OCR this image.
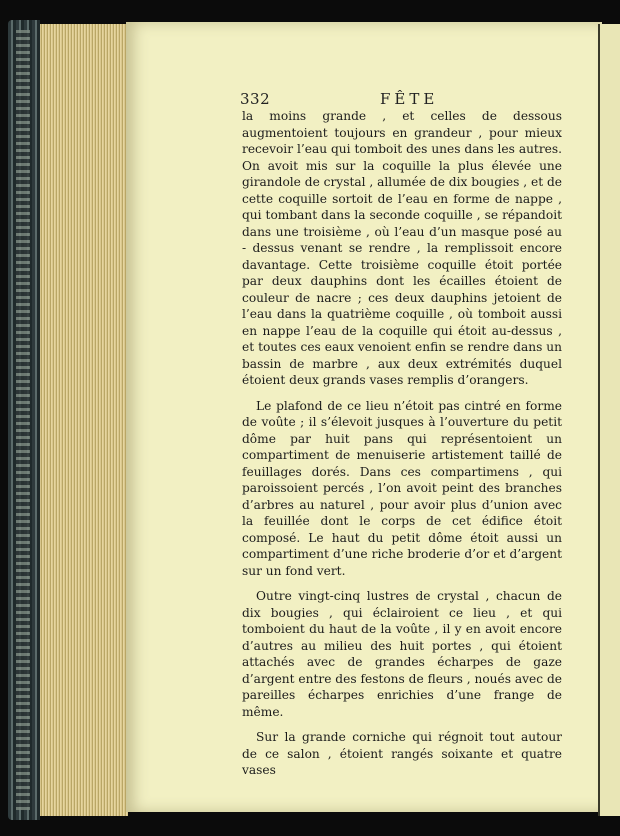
332	FÊTE

la moins grande , et celles de dessous augmentoient toujours en grandeur , pour mieux recevoir l’eau qui tomboit des unes dans les autres. On avoit mis sur la coquille la plus élevée une girandole de crystal , allumée de dix bougies , et de cette coquille sortoit de l’eau en forme de nappe , qui tombant dans la seconde coquille , se répandoit dans une troisième , où l’eau d’un masque posé au - dessus venant se rendre , la remplissoit encore davantage. Cette troisième coquille étoit portée par deux dauphins dont les écailles étoient de couleur de nacre ; ces deux dauphins jetoient de l’eau dans la quatrième coquille , où tomboit aussi en nappe l’eau de la coquille qui étoit au-dessus , et toutes ces eaux venoient enfin se rendre dans un bassin de marbre , aux deux extrémités duquel étoient deux grands vases remplis d’orangers.

Le plafond de ce lieu n’étoit pas cintré en forme de voûte ; il s’élevoit jusques à l’ouverture du petit dôme par huit pans qui représentoient un compartiment de menuiserie artistement taillé de feuillages dorés. Dans ces compartimens , qui paroissoient percés , l’on avoit peint des branches d’arbres au naturel , pour avoir plus d’union avec la feuillée dont le corps de cet édifice étoit composé. Le haut du petit dôme étoit aussi un compartiment d’une riche broderie d’or et d’argent sur un fond vert.

Outre vingt-cinq lustres de crystal , chacun de dix bougies , qui éclairoient ce lieu , et qui tomboient du haut de la voûte , il y en avoit encore d’autres au milieu des huit portes , qui étoient attachés avec de grandes écharpes de gaze d’argent entre des festons de fleurs , noués avec de pareilles écharpes enrichies d’une frange de même.

Sur la grande corniche qui régnoit tout autour de ce salon , étoient rangés soixante et quatre vases
